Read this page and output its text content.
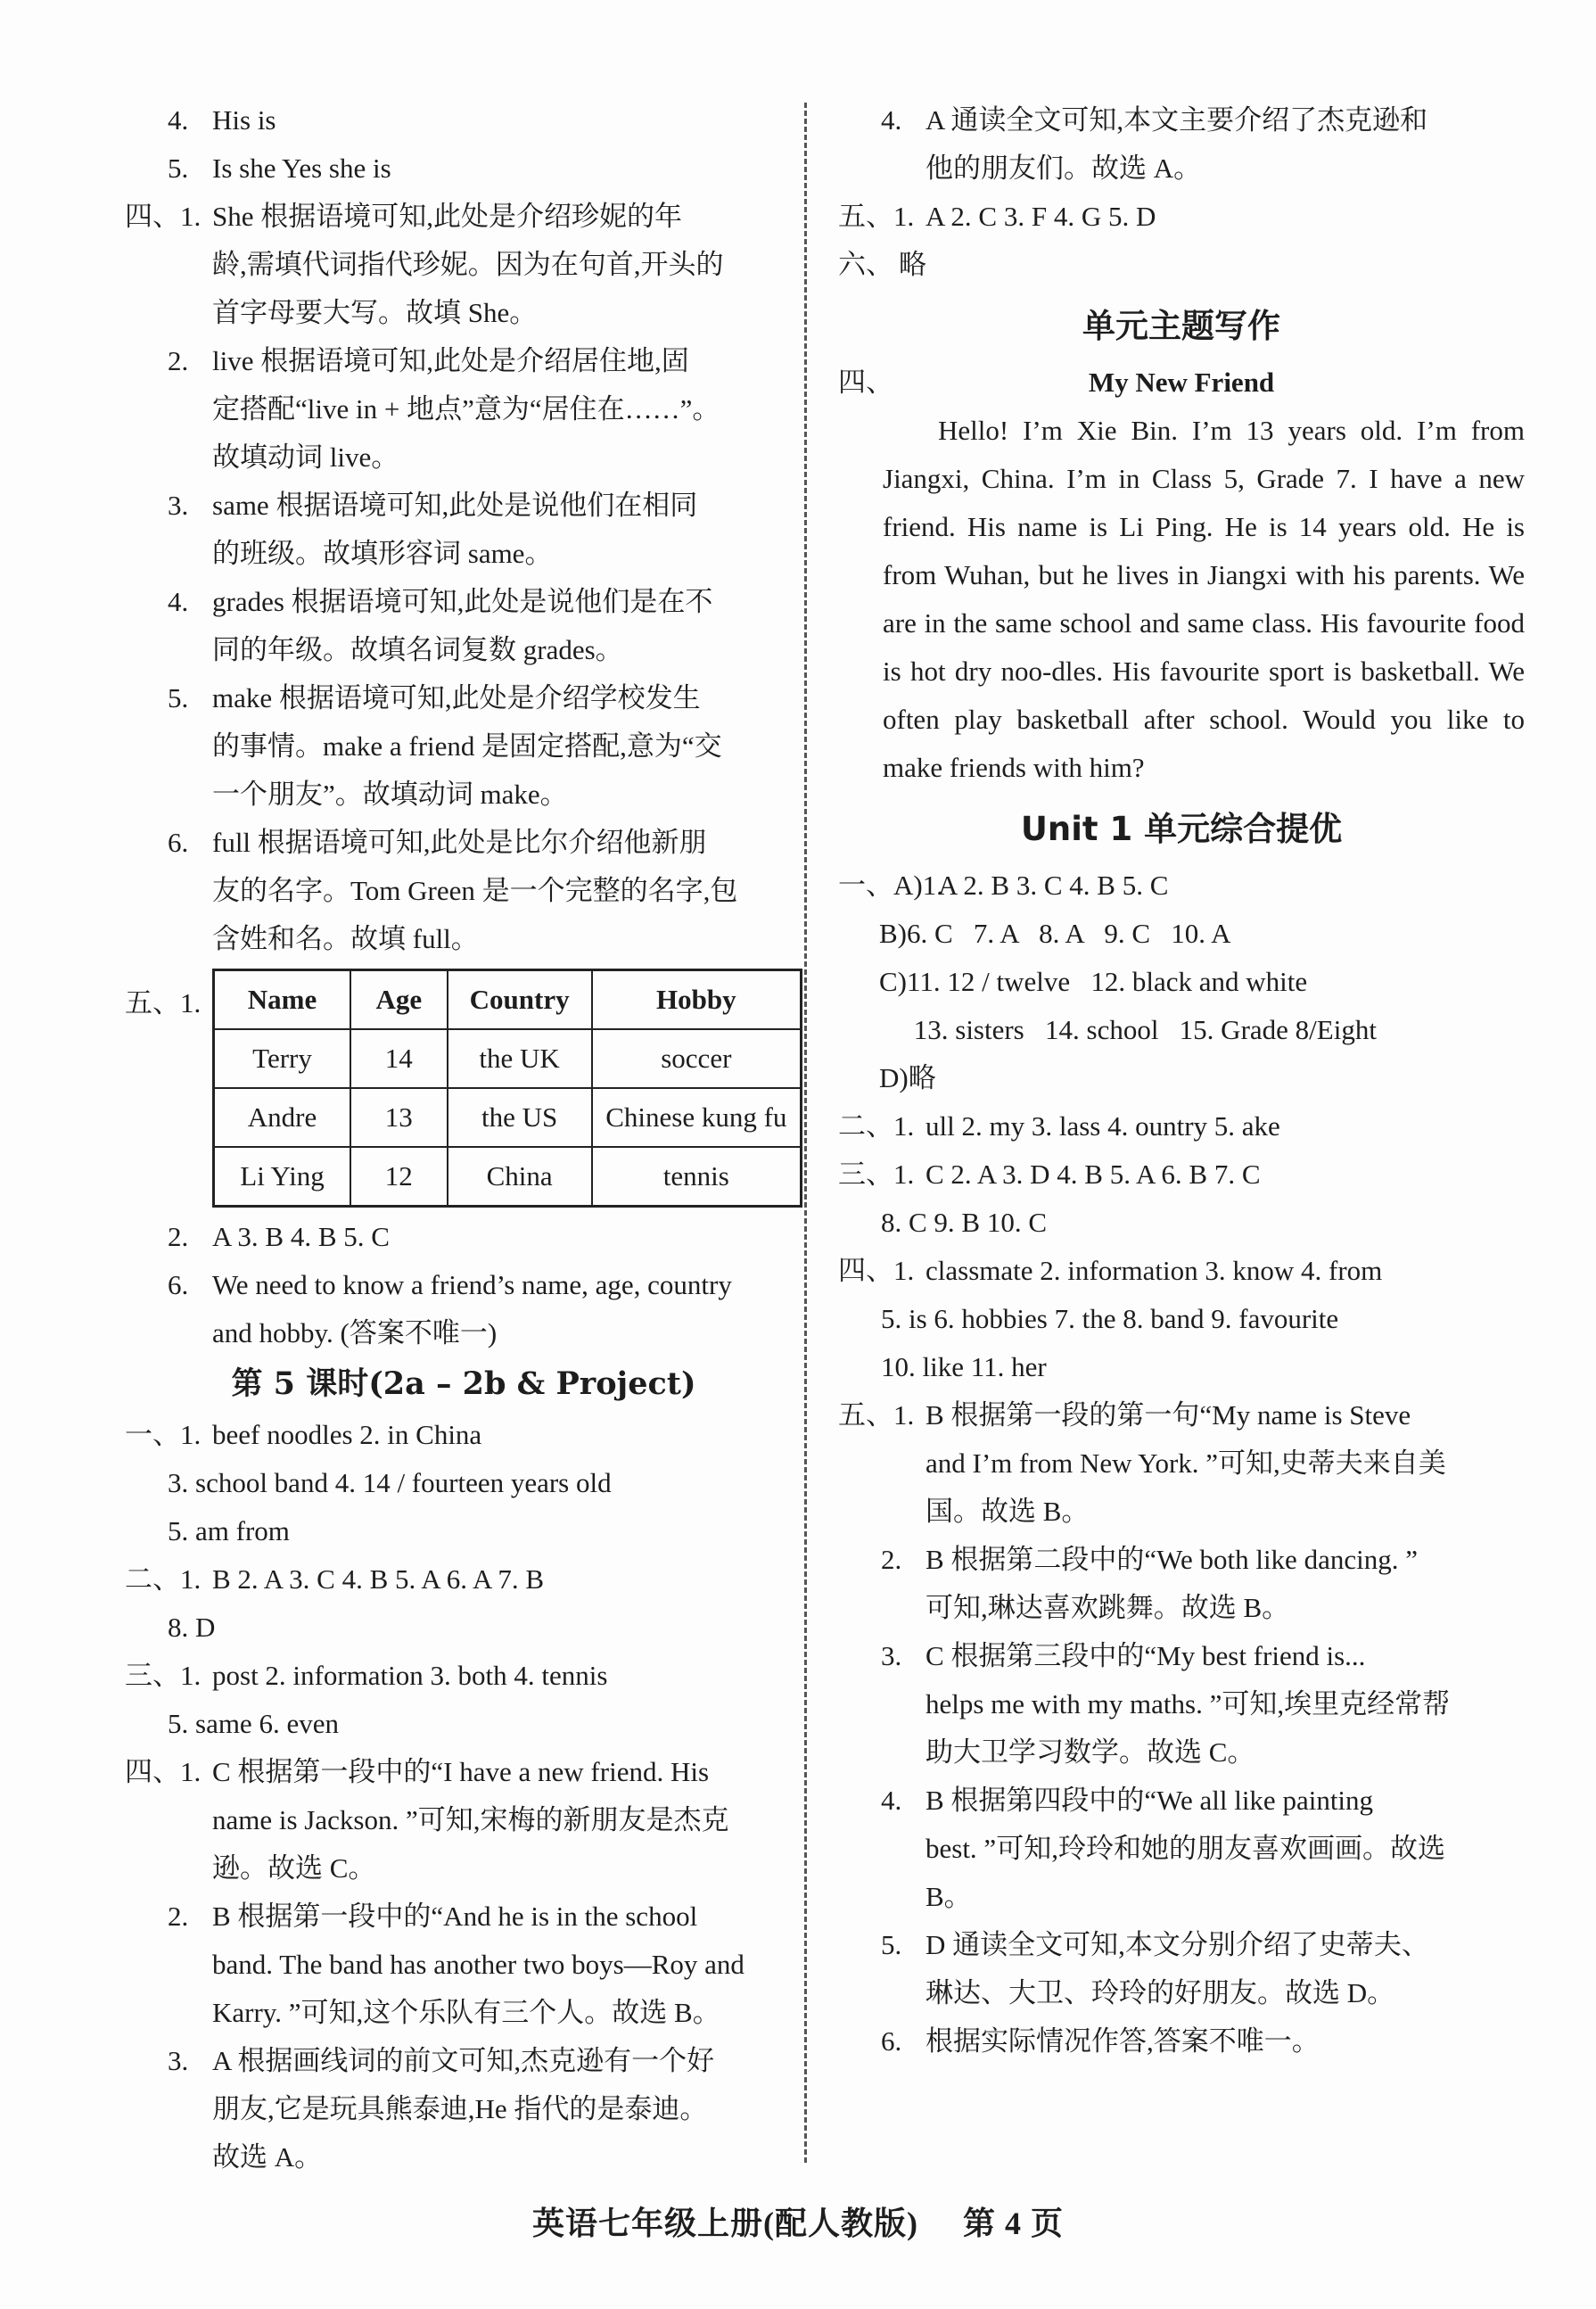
4. His is
5. Is she Yes she is
四、1. She 根据语境可知,此处是介绍珍妮的年
龄,需填代词指代珍妮。因为在句首,开头的
首字母要大写。故填 She。
2. live 根据语境可知,此处是介绍居住地,固
定搭配“live in + 地点”意为“居住在……”。
故填动词 live。
3. same 根据语境可知,此处是说他们在相同
的班级。故填形容词 same。
4. grades 根据语境可知,此处是说他们是在不
同的年级。故填名词复数 grades。
5. make 根据语境可知,此处是介绍学校发生
的事情。make a friend 是固定搭配,意为“交
一个朋友”。故填动词 make。
6. full 根据语境可知,此处是比尔介绍他新朋
友的名字。Tom Green 是一个完整的名字,包
含姓和名。故填 full。
五、1. Name	Age	Country	Hobby
Terry	14	the UK	soccer
Andre	13	the US	Chinese kung fu
Li Ying	12	China	tennis
2. A 3. B 4. B 5. C
6. We need to know a friend’s name, age, country
and hobby. (答案不唯一)
第 5 课时(2a – 2b & Project)
一、1. beef noodles 2. in China
3. school band 4. 14 / fourteen years old
5. am from
二、1. B 2. A 3. C 4. B 5. A 6. A 7. B
8. D
三、1. post 2. information 3. both 4. tennis
5. same 6. even
四、1. C 根据第一段中的“I have a new friend. His
name is Jackson. ”可知,宋梅的新朋友是杰克
逊。故选 C。
2. B 根据第一段中的“And he is in the school
band. The band has another two boys—Roy and
Karry. ”可知,这个乐队有三个人。故选 B。
3. A 根据画线词的前文可知,杰克逊有一个好
朋友,它是玩具熊泰迪,He 指代的是泰迪。
故选 A。
4. A 通读全文可知,本文主要介绍了杰克逊和
他的朋友们。故选 A。
五、1. A 2. C 3. F 4. G 5. D
六、 略
单元主题写作
四、	My New Friend

Hello! I’m Xie Bin. I’m 13 years old. I’m from Jiangxi, China. I’m in Class 5, Grade 7. I have a new friend. His name is Li Ping. He is 14 years old. He is from Wuhan, but he lives in Jiangxi with his parents. We are in the same school and same class. His favourite food is hot dry noo-dles. His favourite sport is basketball. We often play basketball after school. Would you like to make friends with him?

Unit 1 单元综合提优
一、A)1.
A 2. B 3. C 4. B 5. C
B)6. C   7. A   8. A   9. C   10. A
C)11. 12 / twelve   12. black and white
13. sisters   14. school   15. Grade 8/Eight
D)略
二、1. ull 2. my 3. lass 4. ountry 5. ake
三、1. C 2. A 3. D 4. B 5. A 6. B 7. C
8. C 9. B 10. C
四、1. classmate 2. information 3. know 4. from
5. is 6. hobbies 7. the 8. band 9. favourite
10. like 11. her
五、1. B 根据第一段的第一句“My name is Steve
and I’m from New York. ”可知,史蒂夫来自美
国。故选 B。
2. B 根据第二段中的“We both like dancing. ”
可知,琳达喜欢跳舞。故选 B。
3. C 根据第三段中的“My best friend is...
helps me with my maths. ”可知,埃里克经常帮
助大卫学习数学。故选 C。
4. B 根据第四段中的“We all like painting
best. ”可知,玲玲和她的朋友喜欢画画。故选
B。
5. D 通读全文可知,本文分别介绍了史蒂夫、
琳达、大卫、玲玲的好朋友。故选 D。
6. 根据实际情况作答,答案不唯一。
英语七年级上册(配人教版) 第 4 页
